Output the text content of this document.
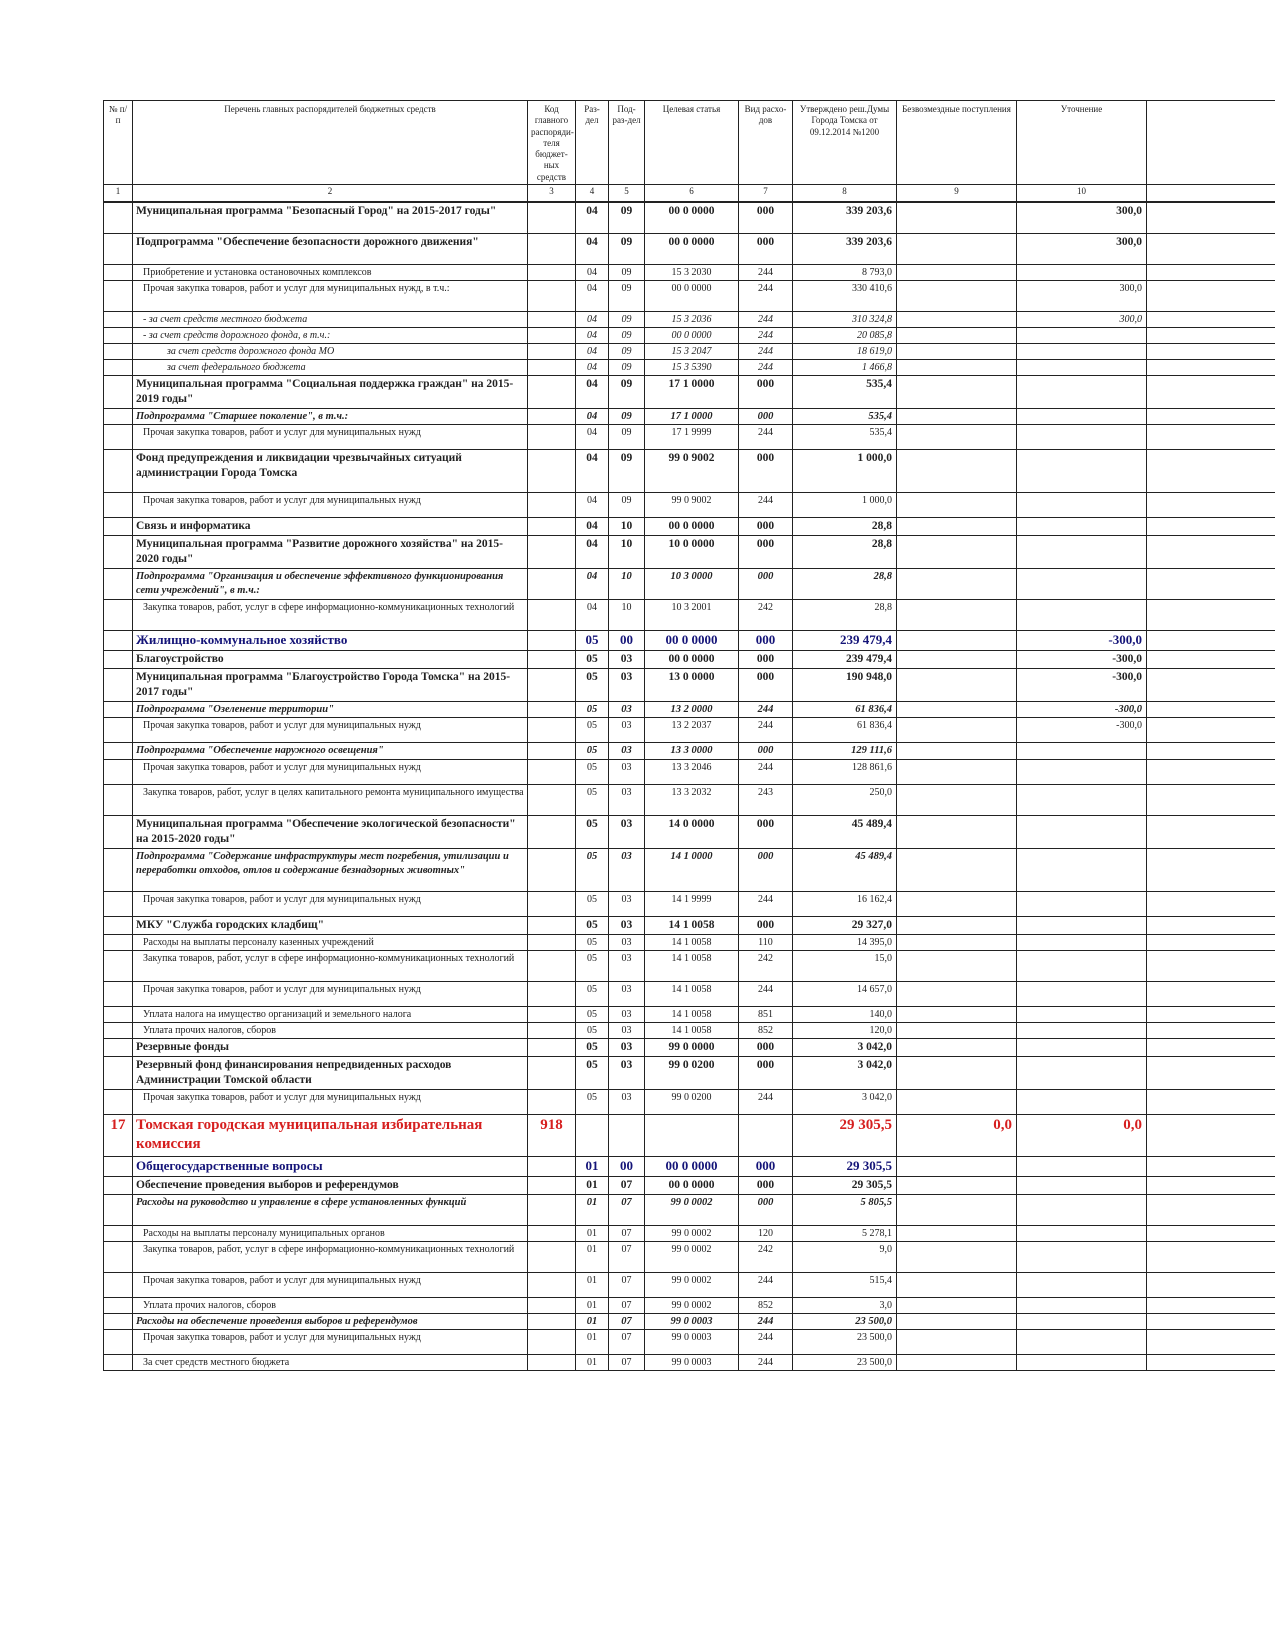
№ п/п	Перечень главных распорядителей бюджетных средств	Код главного распоряди-теля бюджет-ных средств	Раз-дел	Под-раз-дел	Целевая статья	Вид расхо-дов	Утверждено реш.Думы Города Томска от 09.12.2014 №1200	Безвозмездные поступления	Уточнение	
1	2	3	4	5	6	7	8	9	10	
	Муниципальная программа "Безопасный Город" на 2015-2017 годы"		04	09	00 0 0000	000	339 203,6		300,0	
	Подпрограмма "Обеспечение безопасности дорожного движения"		04	09	00 0 0000	000	339 203,6		300,0	
	Приобретение и установка остановочных комплексов		04	09	15 3 2030	244	8 793,0			
	Прочая закупка товаров, работ и услуг для муниципальных нужд, в т.ч.:		04	09	00 0 0000	244	330 410,6		300,0	
	- за счет средств местного бюджета		04	09	15 3 2036	244	310 324,8		300,0	
	- за счет средств дорожного фонда, в т.ч.:		04	09	00 0 0000	244	20 085,8			
	за счет средств дорожного фонда МО		04	09	15 3 2047	244	18 619,0			
	за счет федерального бюджета		04	09	15 3 5390	244	1 466,8			
	Муниципальная программа "Социальная поддержка граждан" на 2015-2019 годы"		04	09	17 1 0000	000	535,4			
	Подпрограмма "Старшее поколение", в т.ч.:		04	09	17 1 0000	000	535,4			
	Прочая закупка товаров, работ и услуг для муниципальных нужд		04	09	17 1 9999	244	535,4			
	Фонд предупреждения и ликвидации чрезвычайных ситуаций администрации Города Томска		04	09	99 0 9002	000	1 000,0			
	Прочая закупка товаров, работ и услуг для муниципальных нужд		04	09	99 0 9002	244	1 000,0			
	Связь и информатика		04	10	00 0 0000	000	28,8			
	Муниципальная программа "Развитие дорожного хозяйства" на 2015-2020 годы"		04	10	10 0 0000	000	28,8			
	Подпрограмма "Организация и обеспечение эффективного функционирования сети учреждений", в т.ч.:		04	10	10 3 0000	000	28,8			
	Закупка товаров, работ, услуг в сфере информационно-коммуникационных технологий		04	10	10 3 2001	242	28,8			
	Жилищно-коммунальное хозяйство		05	00	00 0 0000	000	239 479,4		-300,0	
	Благоустройство		05	03	00 0 0000	000	239 479,4		-300,0	
	Муниципальная программа "Благоустройство Города Томска" на 2015-2017 годы"		05	03	13 0 0000	000	190 948,0		-300,0	
	Подпрограмма "Озеленение территории"		05	03	13 2 0000	244	61 836,4		-300,0	
	Прочая закупка товаров, работ и услуг для муниципальных нужд		05	03	13 2 2037	244	61 836,4		-300,0	
	Подпрограмма "Обеспечение наружного освещения"		05	03	13 3 0000	000	129 111,6			
	Прочая закупка товаров, работ и услуг для муниципальных нужд		05	03	13 3 2046	244	128 861,6			
	Закупка товаров, работ, услуг в целях капитального ремонта муниципального имущества		05	03	13 3 2032	243	250,0			
	Муниципальная программа "Обеспечение экологической безопасности" на 2015-2020 годы"		05	03	14 0 0000	000	45 489,4			
	Подпрограмма "Содержание инфраструктуры мест погребения, утилизации и переработки отходов, отлов и содержание безнадзорных животных"		05	03	14 1 0000	000	45 489,4			
	Прочая закупка товаров, работ и услуг для муниципальных нужд		05	03	14 1 9999	244	16 162,4			
	МКУ "Служба городских кладбищ"		05	03	14 1 0058	000	29 327,0			
	Расходы на выплаты персоналу казенных учреждений		05	03	14 1 0058	110	14 395,0			
	Закупка товаров, работ, услуг в сфере информационно-коммуникационных технологий		05	03	14 1 0058	242	15,0			
	Прочая закупка товаров, работ и услуг для муниципальных нужд		05	03	14 1 0058	244	14 657,0			
	Уплата налога на имущество организаций и земельного налога		05	03	14 1 0058	851	140,0			
	Уплата прочих налогов, сборов		05	03	14 1 0058	852	120,0			
	Резервные фонды		05	03	99 0 0000	000	3 042,0			
	Резервный фонд финансирования непредвиденных расходов Администрации Томской области		05	03	99 0 0200	000	3 042,0			
	Прочая закупка товаров, работ и услуг для муниципальных нужд		05	03	99 0 0200	244	3 042,0			
17	Томская городская муниципальная избирательная комиссия	918					29 305,5	0,0	0,0	
	Общегосударственные вопросы		01	00	00 0 0000	000	29 305,5			
	Обеспечение проведения выборов и референдумов		01	07	00 0 0000	000	29 305,5			
	Расходы на руководство и управление в сфере установленных функций		01	07	99 0 0002	000	5 805,5			
	Расходы на выплаты персоналу муниципальных органов		01	07	99 0 0002	120	5 278,1			
	Закупка товаров, работ, услуг в сфере информационно-коммуникационных технологий		01	07	99 0 0002	242	9,0			
	Прочая закупка товаров, работ и услуг для муниципальных нужд		01	07	99 0 0002	244	515,4			
	Уплата прочих налогов, сборов		01	07	99 0 0002	852	3,0			
	Расходы на обеспечение проведения выборов и референдумов		01	07	99 0 0003	244	23 500,0			
	Прочая закупка товаров, работ и услуг для муниципальных нужд		01	07	99 0 0003	244	23 500,0			
	За счет средств местного бюджета		01	07	99 0 0003	244	23 500,0			
